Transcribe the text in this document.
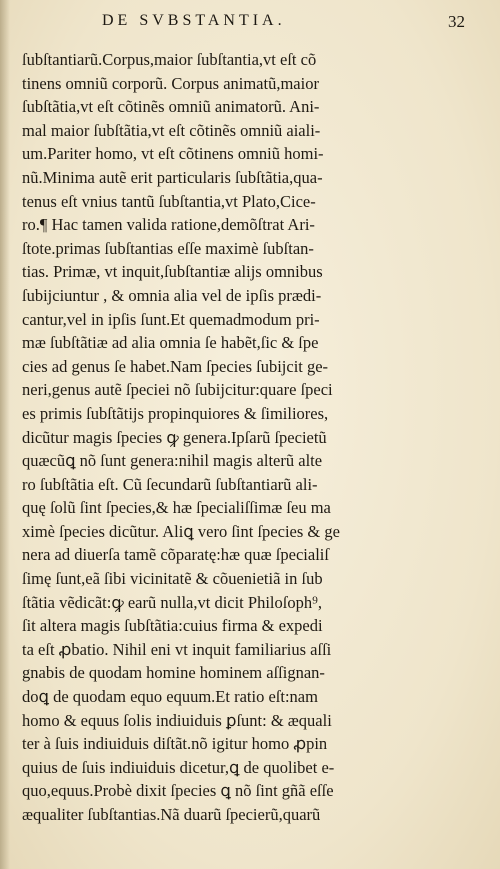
DE SVBSTANTIA.	32
ſubſtantiarũ.Corpus,maior ſubſtantia,vt eſt cõ
tinens omniũ corporũ. Corpus animatũ,maior
ſubſtãtia,vt eſt cõtinẽs omniũ animatorũ. Ani-
mal maior ſubſtãtia,vt eſt cõtinẽs omniũ aiali-
um.Pariter homo, vt eſt cõtinens omniũ homi-
nũ.Minima autẽ erit particularis ſubſtãtia,qua-
tenus eſt vnius tantũ ſubſtantia,vt Plato,Cice-
ro.¶ Hac tamen valida ratione,demõſtrat Ari-
ſtote.primas ſubſtantias eſſe maximè ſubſtan-
tias. Primæ, vt inquit,ſubſtantiæ alijs omnibus
ſubijciuntur , & omnia alia vel de ipſis prædi-
cantur,vel in ipſis ſunt.Et quemadmodum pri-
mæ ſubſtãtiæ ad alia omnia ſe habẽt,ſic & ſpe
cies ad genus ſe habet.Nam ſpecies ſubijcit ge-
neri,genus autẽ ſpeciei nõ ſubijcitur:quare ſpeci
es primis ſubſtãtijs propinquiores & ſimiliores,
dicũtur magis ſpecies ꝙ genera.Ipſarũ ſpecietũ
quæcũꝗ nõ ſunt genera:nihil magis alterũ alte
ro ſubſtãtia eſt. Cũ ſecundarũ ſubſtantiarũ ali-
quę ſolũ ſint ſpecies,& hæ ſpecialiſſimæ ſeu ma
ximè ſpecies dicũtur. Aliꝗ vero ſint ſpecies & ge
nera ad diuerſa tamẽ cõparatę:hæ quæ ſpecialiſ
ſimę ſunt,eã ſibi vicinitatẽ & cõuenietiã in ſub
ſtãtia vẽdicãt:ꝙ earũ nulla,vt dicit Philoſoph⁹,
ſit altera magis ſubſtãtia:cuius firma & expedi
ta eſt ꝓbatio. Nihil eni vt inquit familiarius aſſi
gnabis de quodam homine hominem aſſignan-
doꝗ de quodam equo equum.Et ratio eſt:nam
homo & equus ſolis indiuiduis ꝑſunt: & æquali
ter à ſuis indiuiduis diſtãt.nõ igitur homo ꝓpin
quius de ſuis indiuiduis dicetur,ꝗ de quolibet e-
quo,equus.Probè dixit ſpecies ꝗ nõ ſint gñã eſſe
æqualiter ſubſtantias.Nã duarũ ſpecierũ,quarũ
